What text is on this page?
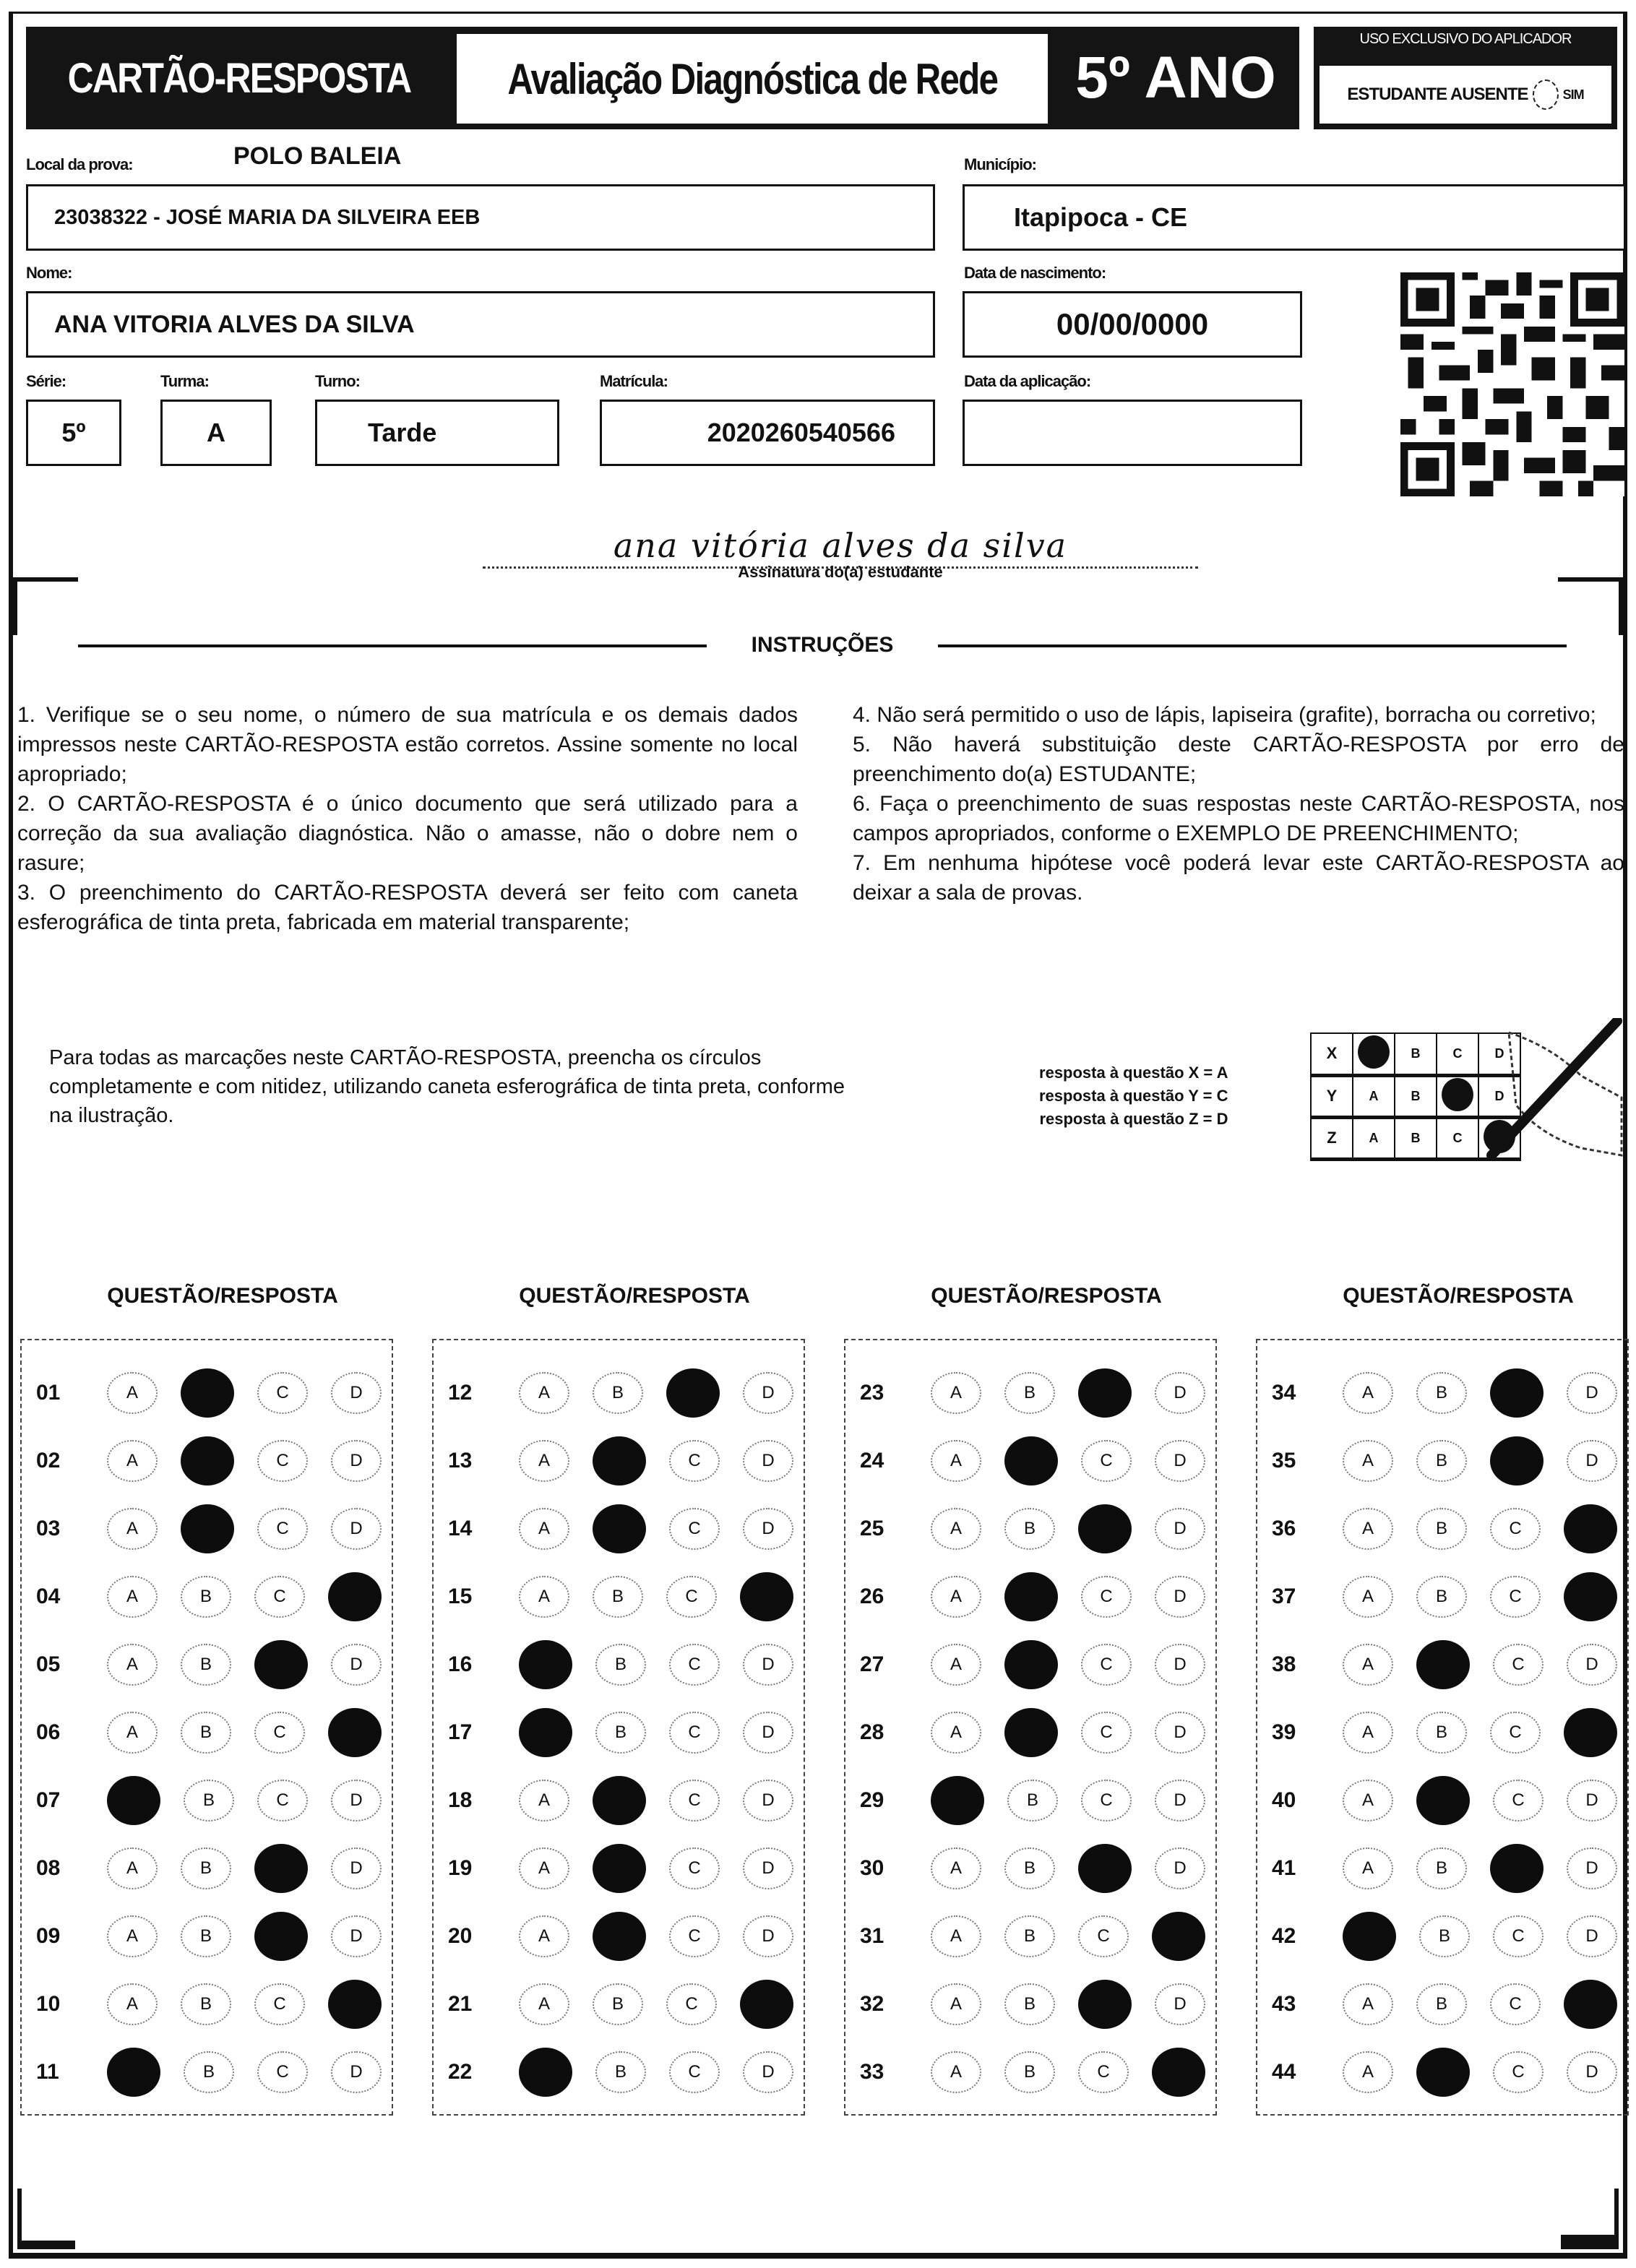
CARTÃO-RESPOSTA Avaliação Diagnóstica de Rede	5º ANO
USO EXCLUSIVO DO APLICADOR
ESTUDANTE AUSENTE	SIM
Local da prova:	POLO BALEIA
23038322 - JOSÉ MARIA DA SILVEIRA EEB
Município:
Itapipoca - CE
Nome:
ANA VITORIA ALVES DA SILVA
Data de nascimento:
00/00/0000
Série:
5º
Turma:
A
Turno:
Tarde
Matrícula:
2020260540566
Data da aplicação:
ana vitória alves da silva
Assinatura do(a) estudante
INSTRUÇÕES

1. Verifique se o seu nome, o número de sua matrícula e os demais dados impressos neste CARTÃO-RESPOSTA estão corretos. Assine somente no local apropriado;

2. O CARTÃO-RESPOSTA é o único documento que será utilizado para a correção da sua avaliação diagnóstica. Não o amasse, não o dobre nem o rasure;

3. O preenchimento do CARTÃO-RESPOSTA deverá ser feito com caneta esferográfica de tinta preta, fabricada em material transparente;

4. Não será permitido o uso de lápis, lapiseira (grafite), borracha ou corretivo;

5. Não haverá substituição deste CARTÃO-RESPOSTA por erro de preenchimento do(a) ESTUDANTE;

6. Faça o preenchimento de suas respostas neste CARTÃO-RESPOSTA, nos campos apropriados, conforme o EXEMPLO DE PREENCHIMENTO;

7. Em nenhuma hipótese você poderá levar este CARTÃO-RESPOSTA ao deixar a sala de provas.

Para todas as marcações neste CARTÃO-RESPOSTA, preencha os círculos completamente e com nitidez, utilizando caneta esferográfica de tinta preta, conforme na ilustração.
resposta à questão X = A
resposta à questão Y = C
resposta à questão Z = D
X		B	C	D
Y	A	B		D
Z	A	B	C	
QUESTÃO/RESPOSTA
01	A	C	D
02	A	C	D
03	A	C	D
04	A	B	C
05	A	B	D
06	A	B	C
07	B	C	D
08	A	B	D
09	A	B	D
10	A	B	C
11	B	C	D
QUESTÃO/RESPOSTA
12	A	B	D
13	A	C	D
14	A	C	D
15	A	B	C
16	B	C	D
17	B	C	D
18	A	C	D
19	A	C	D
20	A	C	D
21	A	B	C
22	B	C	D
QUESTÃO/RESPOSTA
23	A	B	D
24	A	C	D
25	A	B	D
26	A	C	D
27	A	C	D
28	A	C	D
29	B	C	D
30	A	B	D
31	A	B	C
32	A	B	D
33	A	B	C
QUESTÃO/RESPOSTA
34	A	B	D
35	A	B	D
36	A	B	C
37	A	B	C
38	A	C	D
39	A	B	C
40	A	C	D
41	A	B	D
42	B	C	D
43	A	B	C
44	A	C	D
